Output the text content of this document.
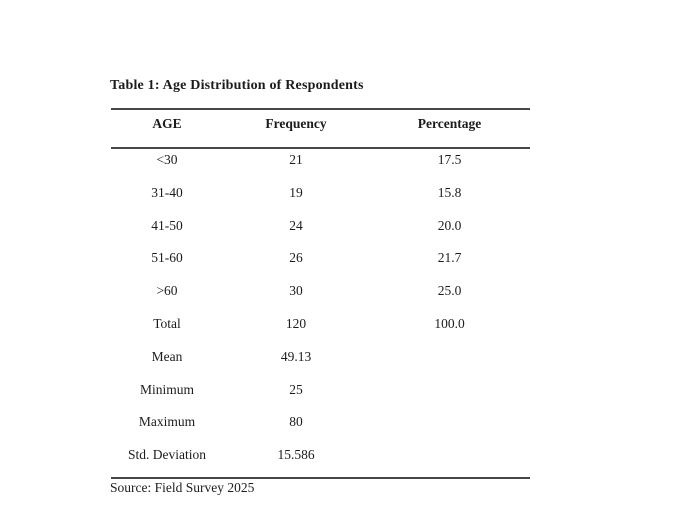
Table 1: Age Distribution of Respondents
AGE	Frequency	Percentage
<30	21	17.5
31-40	19	15.8
41-50	24	20.0
51-60	26	21.7
>60	30	25.0
Total	120	100.0
Mean	49.13
Minimum	25
Maximum	80
Std. Deviation	15.586
Source: Field Survey 2025
